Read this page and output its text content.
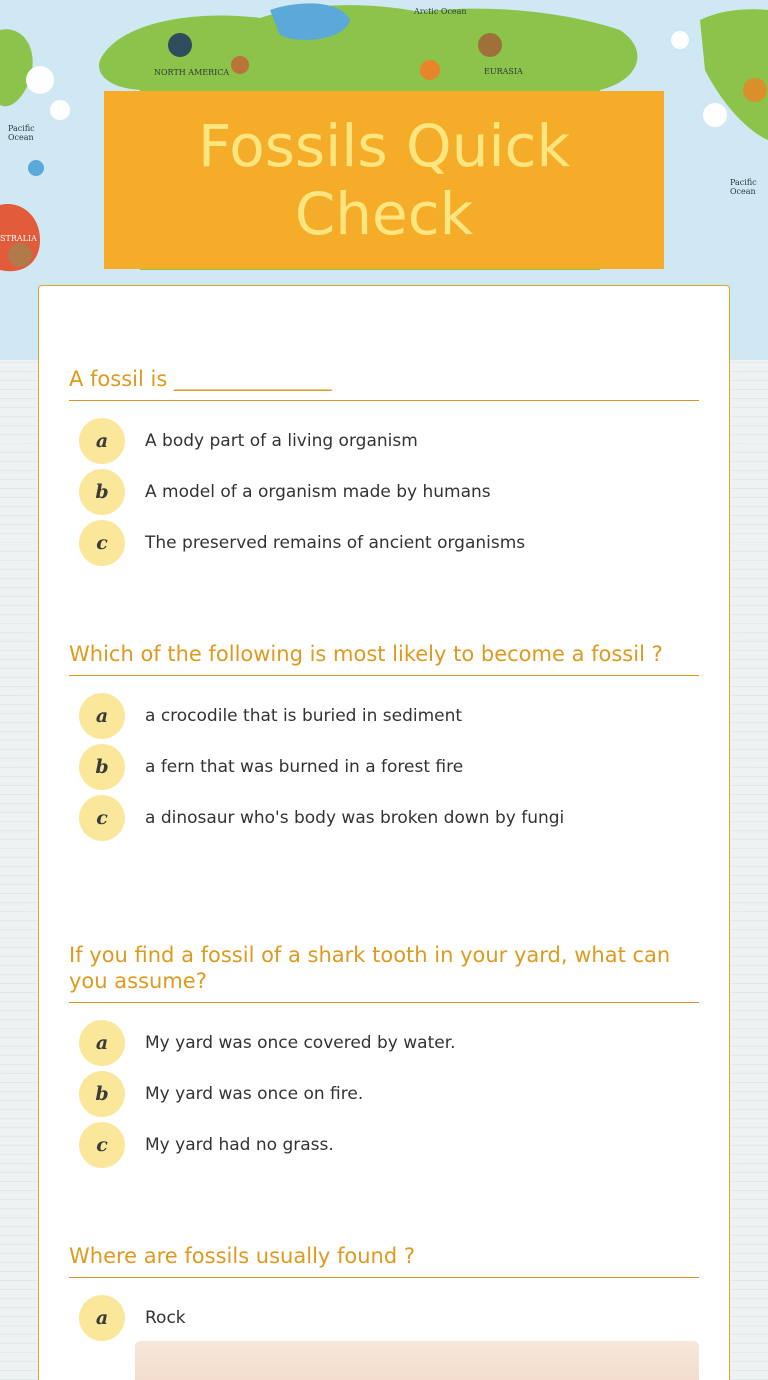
NORTH AMERICA
Arctic Ocean
EURASIA
Pacific Ocean
Pacific Ocean
STRALIA
Fossils Quick Check
A fossil is _______________
a	A body part of a living organism
b	A model of a organism made by humans
c	The preserved remains of ancient organisms
Which of the following is most likely to become a fossil ?
a	a crocodile that is buried in sediment
b	a fern that was burned in a forest fire
c	a dinosaur who's body was broken down by fungi
If you find a fossil of a shark tooth in your yard, what can you assume?
a	My yard was once covered by water.
b	My yard was once on fire.
c	My yard had no grass.
Where are fossils usually found ?
a	Rock
